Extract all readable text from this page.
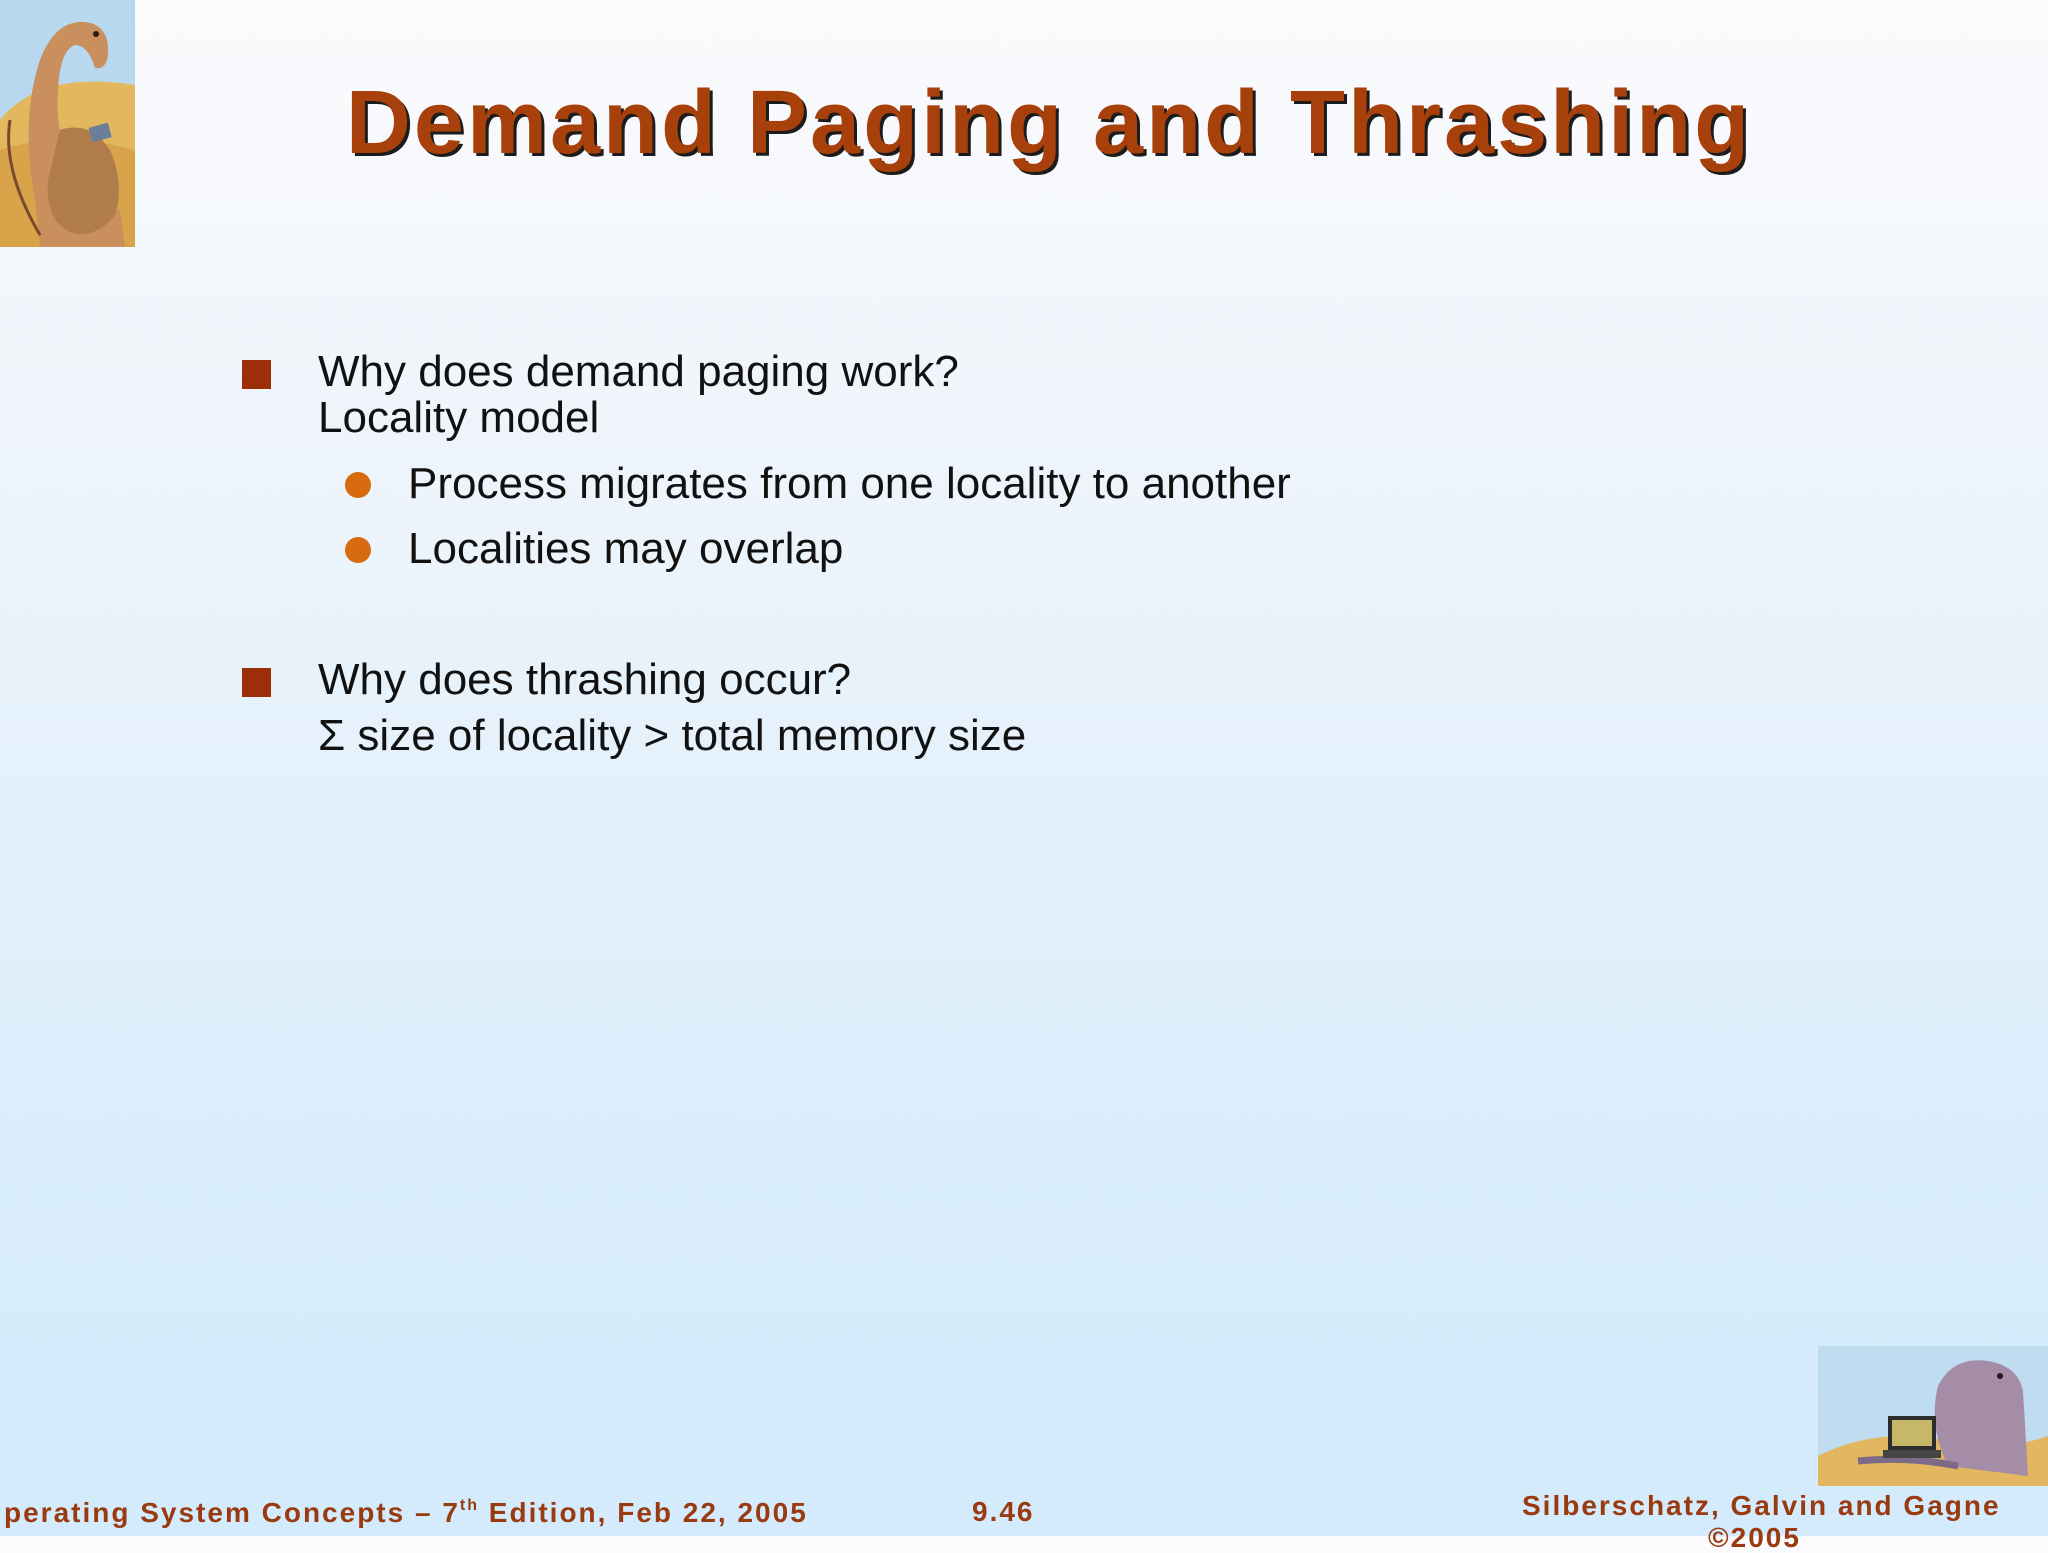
Demand Paging and Thrashing
Why does demand paging work?
Locality model
Process migrates from one locality to another
Localities may overlap
Why does thrashing occur?
Σ size of locality > total memory size
perating System Concepts – 7th Edition, Feb 22, 2005	9.46	Silberschatz, Galvin and Gagne
©2005
